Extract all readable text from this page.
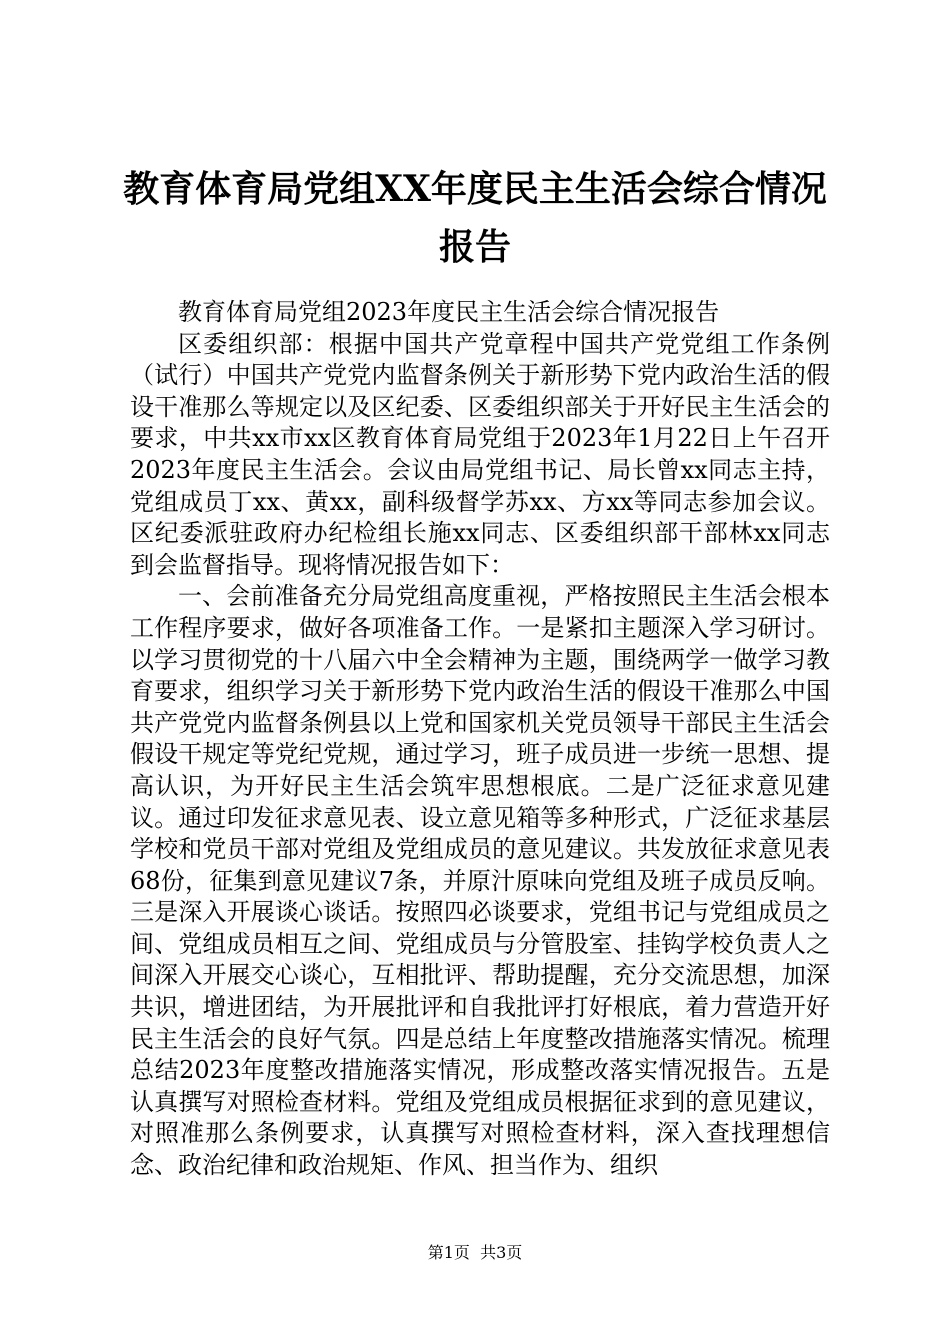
教育体育局党组XX年度民主生活会综合情况
报告

教育体育局党组2023年度民主生活会综合情况报告

区委组织部：根据中国共产党章程中国共产党党组工作条例（试行）中国共产党党内监督条例关于新形势下党内政治生活的假设干准那么等规定以及区纪委、区委组织部关于开好民主生活会的要求，中共xx市xx区教育体育局党组于2023年1月22日上午召开2023年度民主生活会。会议由局党组书记、局长曾xx同志主持，党组成员丁xx、黄xx，副科级督学苏xx、方xx等同志参加会议。区纪委派驻政府办纪检组长施xx同志、区委组织部干部林xx同志到会监督指导。现将情况报告如下：

一、会前准备充分局党组高度重视，严格按照民主生活会根本工作程序要求，做好各项准备工作。一是紧扣主题深入学习研讨。以学习贯彻党的十八届六中全会精神为主题，围绕两学一做学习教育要求，组织学习关于新形势下党内政治生活的假设干准那么中国共产党党内监督条例县以上党和国家机关党员领导干部民主生活会假设干规定等党纪党规，通过学习，班子成员进一步统一思想、提高认识，为开好民主生活会筑牢思想根底。二是广泛征求意见建议。通过印发征求意见表、设立意见箱等多种形式，广泛征求基层学校和党员干部对党组及党组成员的意见建议。共发放征求意见表68份，征集到意见建议7条，并原汁原味向党组及班子成员反响。三是深入开展谈心谈话。按照四必谈要求，党组书记与党组成员之间、党组成员相互之间、党组成员与分管股室、挂钩学校负责人之间深入开展交心谈心，互相批评、帮助提醒，充分交流思想，加深共识，增进团结，为开展批评和自我批评打好根底，着力营造开好民主生活会的良好气氛。四是总结上年度整改措施落实情况。梳理总结2023年度整改措施落实情况，形成整改落实情况报告。五是认真撰写对照检查材料。党组及党组成员根据征求到的意见建议，对照准那么条例要求，认真撰写对照检查材料，深入查找理想信念、政治纪律和政治规矩、作风、担当作为、组织

第1页 共3页
